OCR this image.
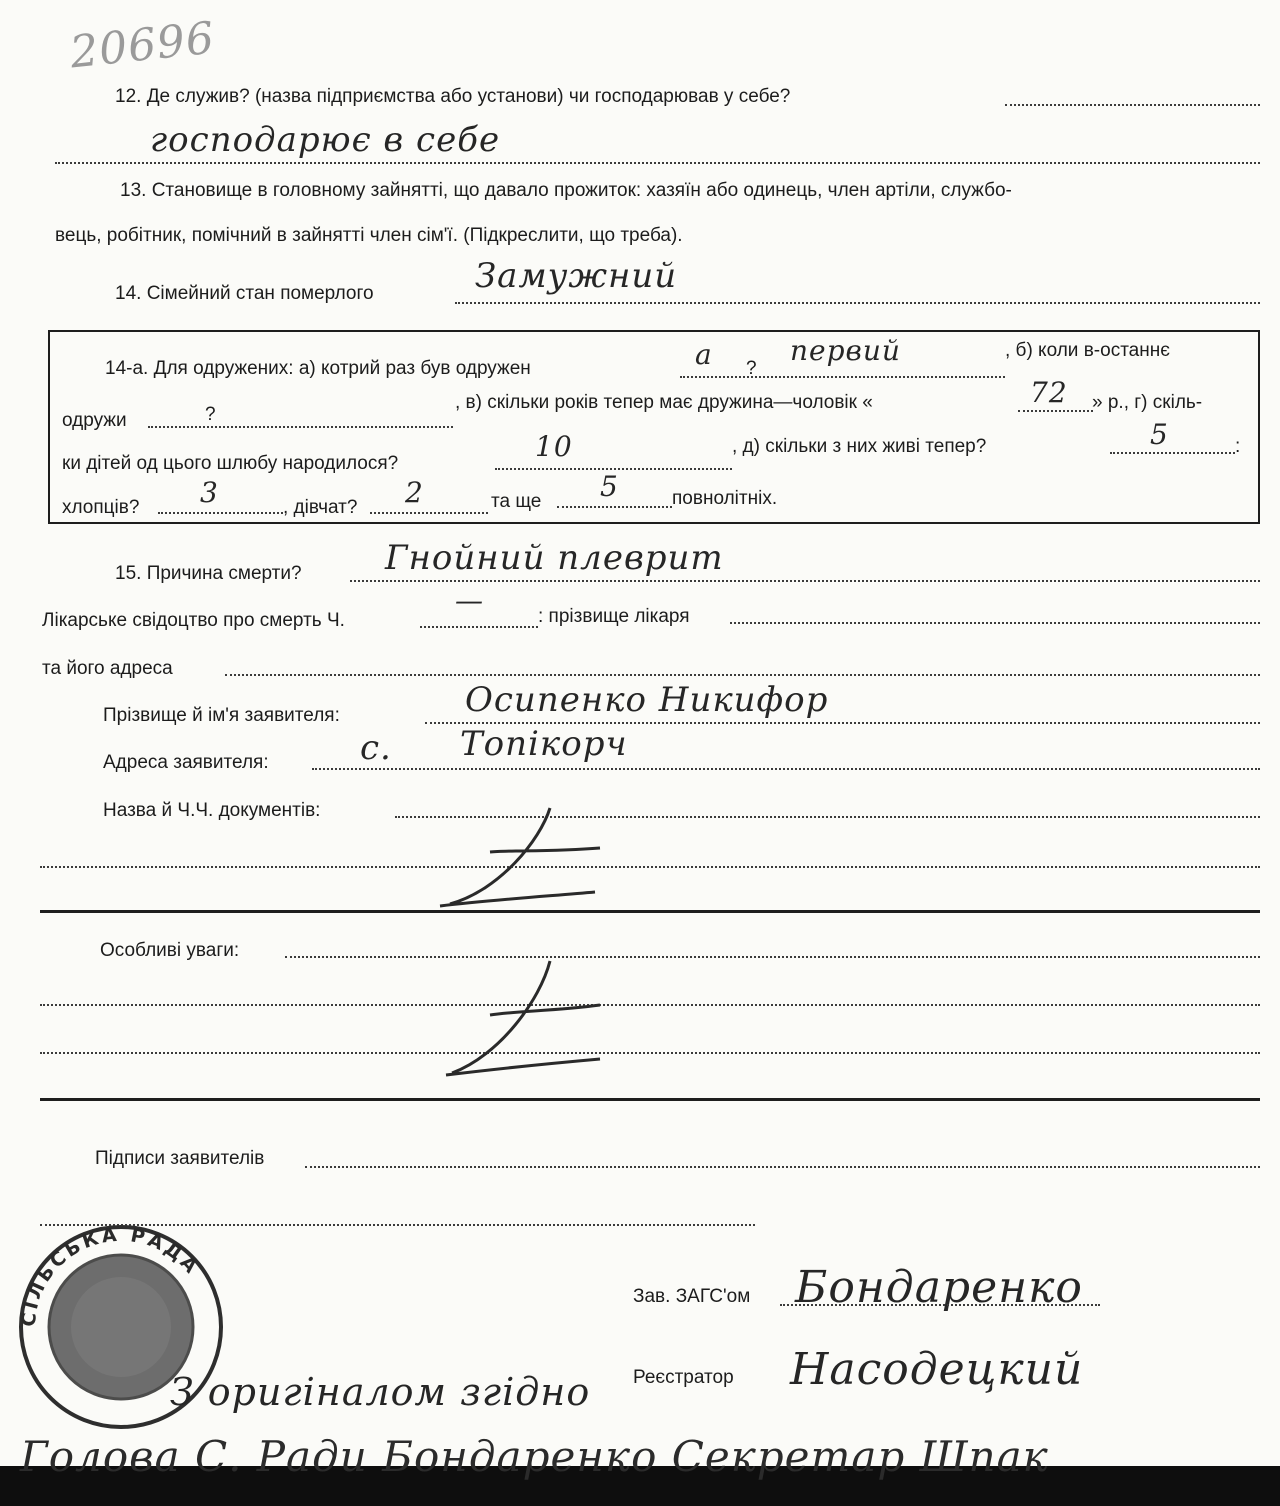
20696
12. Де служив? (назва підприємства або установи) чи господарював у себе?
господарює в себе
13. Становище в головному зайнятті, що давало прожиток: хазяїн або одинець, член артіли, службо-
вець, робітник, помічний в зайнятті член сім'ї. (Підкреслити, що треба).
14. Сімейний стан померлого	Замужний
14-а. Для одружених: а) котрий раз був одружен	а ?
первий	, б) коли в-останнє
одружи	?
, в) скільки років тепер має дружина—чоловік «	72 » р., г) скіль-
ки дітей од цього шлюбу народилося?
10	, д) скільки з них живі тепер?	5	:
хлопців? 3	, дівчат? 2	та ще 5	повнолітніх.
15. Причина смерти? Гнойний плеврит
Лікарське свідоцтво про смерть Ч.
—	: прізвище лікаря
та його адреса
Прізвище й ім'я заявителя:	Осипенко Никифор
Адреса заявителя:	с. Топікорч
Назва й Ч.Ч. документів:
Особливі уваги:
Підписи заявителів
Зав. ЗАГС'ом Бондаренко
Реєстратор Насодецкий
СІЛЬСЬКА РАДА
З оригіналом згідно
Голова С. Ради Бондаренко Секретар Шпак
